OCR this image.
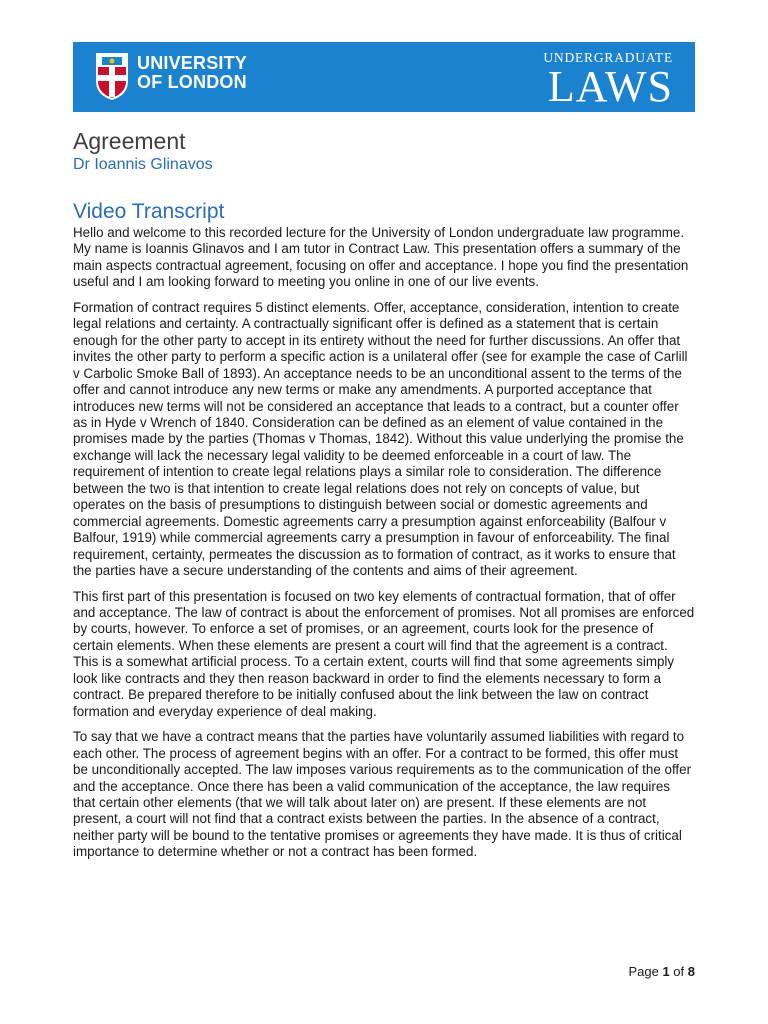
UNIVERSITY
OF LONDON
UNDERGRADUATE
LAWS
Agreement
Dr Ioannis Glinavos
Video Transcript

Hello and welcome to this recorded lecture for the University of London undergraduate law programme. My name is Ioannis Glinavos and I am tutor in Contract Law. This presentation offers a summary of the main aspects contractual agreement, focusing on offer and acceptance. I hope you find the presentation useful and I am looking forward to meeting you online in one of our live events.

Formation of contract requires 5 distinct elements. Offer, acceptance, consideration, intention to create legal relations and certainty. A contractually significant offer is defined as a statement that is certain enough for the other party to accept in its entirety without the need for further discussions. An offer that invites the other party to perform a specific action is a unilateral offer (see for example the case of Carlill v Carbolic Smoke Ball of 1893). An acceptance needs to be an unconditional assent to the terms of the offer and cannot introduce any new terms or make any amendments. A purported acceptance that introduces new terms will not be considered an acceptance that leads to a contract, but a counter offer as in Hyde v Wrench of 1840. Consideration can be defined as an element of value contained in the promises made by the parties (Thomas v Thomas, 1842). Without this value underlying the promise the exchange will lack the necessary legal validity to be deemed enforceable in a court of law. The requirement of intention to create legal relations plays a similar role to consideration. The difference between the two is that intention to create legal relations does not rely on concepts of value, but operates on the basis of presumptions to distinguish between social or domestic agreements and commercial agreements. Domestic agreements carry a presumption against enforceability (Balfour v Balfour, 1919) while commercial agreements carry a presumption in favour of enforceability. The final requirement, certainty, permeates the discussion as to formation of contract, as it works to ensure that the parties have a secure understanding of the contents and aims of their agreement.

This first part of this presentation is focused on two key elements of contractual formation, that of offer and acceptance. The law of contract is about the enforcement of promises. Not all promises are enforced by courts, however. To enforce a set of promises, or an agreement, courts look for the presence of certain elements. When these elements are present a court will find that the agreement is a contract. This is a somewhat artificial process. To a certain extent, courts will find that some agreements simply look like contracts and they then reason backward in order to find the elements necessary to form a contract. Be prepared therefore to be initially confused about the link between the law on contract formation and everyday experience of deal making.

To say that we have a contract means that the parties have voluntarily assumed liabilities with regard to each other. The process of agreement begins with an offer. For a contract to be formed, this offer must be unconditionally accepted. The law imposes various requirements as to the communication of the offer and the acceptance. Once there has been a valid communication of the acceptance, the law requires that certain other elements (that we will talk about later on) are present. If these elements are not present, a court will not find that a contract exists between the parties. In the absence of a contract, neither party will be bound to the tentative promises or agreements they have made. It is thus of critical importance to determine whether or not a contract has been formed.

Page 1 of 8
